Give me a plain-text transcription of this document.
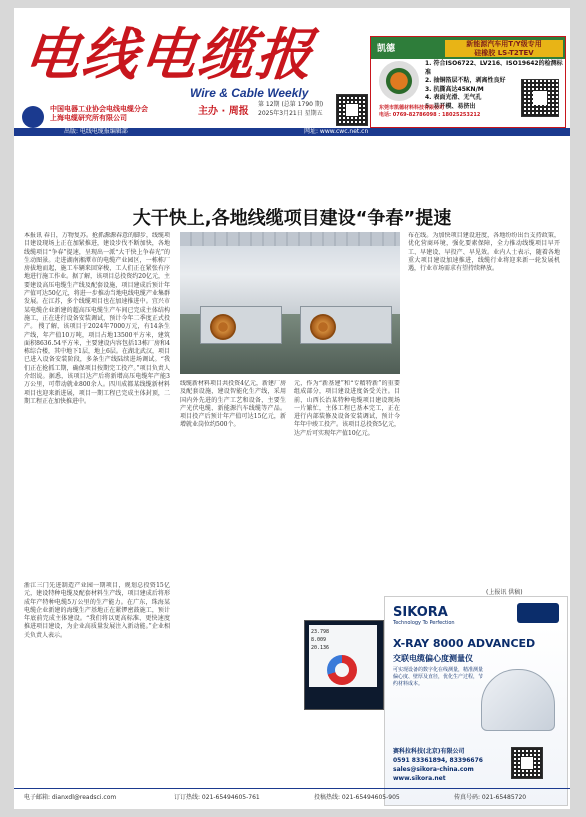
电线电缆报
Wire & Cable Weekly
中国电器工业协会电线电缆分会
上海电缆研究所有限公司
主办 · 周报
第 12期 (总第 1790 期)
2025年3月21日 星期五
出版: 电线电缆报编辑部	网址: www.cwc.net.cn
凯德	新能源汽车用T/Y级专用
硅橡胶 LS-T2TEV
1. 符合ISO6722、LV216、ISO19642的检测标准
2. 抽铜箔层不粘，剥离性良好
3. 抗撕高达45KN/M
4. 表面光滑、无气孔
5. 易开模、易挤出
东莞市凯德材料科技有限公司
电话: 0769-82786098 : 18025253212
大干快上,各地线缆项目建设“争春”提速
本报讯 春日，万物复苏。抢抓源源春意的脚步，线缆项目建设现场上正在加紧推进，建设步伐不断加快，各地线缆项目“争春”提速，呈现出一派“大干快上争春光”的生动图景。走进湖南湘潭市的电缆产业园区，一栋栋厂房拔地而起，施工车辆来回穿梭，工人们正在紧张有序地进行施工作业。据了解，该项目总投资约20亿元，主要建设高压电缆生产线及配套设施，项目建成后预计年产值可达50亿元，将进一步推动当地电线电缆产业集群发展。在江苏，多个线缆项目也在加速推进中。宜兴市某电缆企业新建的超高压电缆生产车间已完成主体结构施工，正在进行设备安装调试，预计今年二季度正式投产。 搜了解，该项目于2024年7000万元，有14条生产线，年产值10万吨，项目占地13500平方米，建筑面积8636.54平方米，主要建设内容包括13栋厂房和4栋综合楼，其中地下1层，地上6层。在湖北武汉，项目已进入设备安装阶段，多条生产线陆续进场调试。“我们正在抢抓工期，确保项目按期完工投产。”项目负责人介绍说。据悉，该项目达产后将新增高压电缆年产能3万公里，可带动就业800余人。四川成都某线缆新材料项目也迎来新进展，项目一期工程已完成主体封顶，二期工程正在加快推进中。
浙江三门先进制造产业园一期项目，规划总投资15亿元，建设特种电缆及配套材料生产线，项目建成后将形成年产特种电缆5万公里的生产能力。在广东，珠海某电缆企业新建的海缆生产基地正在紧锣密鼓施工，预计年底前完成主体建设。“我们将以更高标准、更快速度推进项目建设，为企业高质量发展注入新动能。”企业相关负责人表示。
线缆新材料项目共投资4亿元，新建厂房及配套设施，建设智能化生产线，采用国内外先进的生产工艺和设备，主要生产光伏电缆、新能源汽车线缆等产品。项目投产后预计年产值可达15亿元，新增就业岗位约500个。
元，作为“新基建”和“专精特新”的重要组成部分，项目建设进度备受关注。目前，山西长治某特种电缆项目建设现场一片繁忙，主体工程已基本完工，正在进行内部装修及设备安装调试，预计今年年中竣工投产。该项目总投资5亿元，达产后可实现年产值10亿元。
布在线。为加快项目建设进度，各地纷纷出台支持政策，优化营商环境，强化要素保障，全力推动线缆项目早开工、早建设、早投产、早见效。业内人士表示，随着各地重大项目建设加速推进，线缆行业将迎来新一轮发展机遇，行业市场需求有望持续释放。
(上报讯 供稿)
23.798
8.009
20.136
SIKORA
Technology To Perfection
X-RAY 8000 ADVANCED
交联电缆偏心度测量仪
可实现设备的数字化在线测量，精准测量偏心度、壁厚及直径，优化生产过程，节约材料成本。
赛科拉科技(北京)有限公司
0591 83361894, 83396676
sales@sikora-china.com
www.sikora.net
电子邮箱: dianxdl@readsci.com	订订热线: 021-65494605-761	投稿热线: 021-65494605-905	传真号码: 021-65485720
